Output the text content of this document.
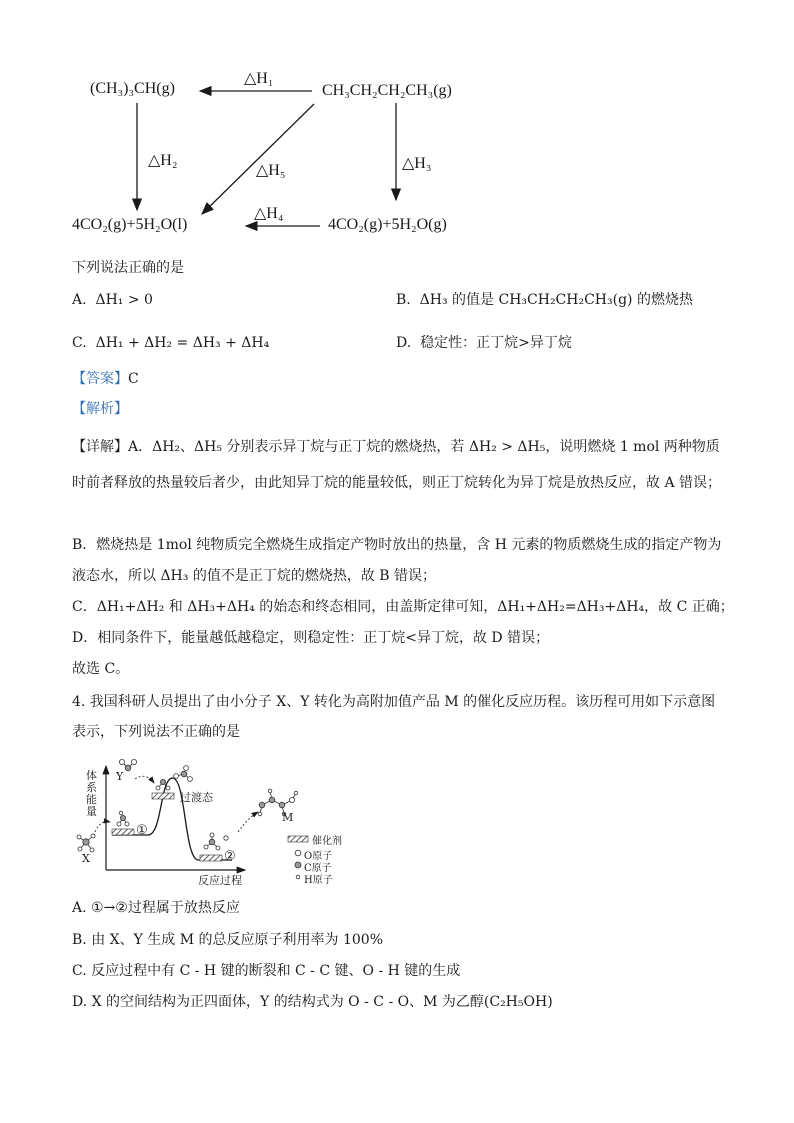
(CH₃)₃CH(g)	CH₃CH₂CH₂CH₃(g)
4CO₂(g)+5H₂O(l)	4CO₂(g)+5H₂O(g)
△H₁
△H₂	△H₃
△H₄
△H₅
下列说法正确的是
A. ΔH₁ > 0	B. ΔH₃ 的值是 CH₃CH₂CH₂CH₃(g) 的燃烧热
C. ΔH₁ + ΔH₂ = ΔH₃ + ΔH₄	D. 稳定性：正丁烷>异丁烷
【答案】C
【解析】
【详解】A．ΔH₂、ΔH₅ 分别表示异丁烷与正丁烷的燃烧热，若 ΔH₂ > ΔH₅，说明燃烧 1 mol 两种物质
时前者释放的热量较后者少，由此知异丁烷的能量较低，则正丁烷转化为异丁烷是放热反应，故 A 错误；
B．燃烧热是 1mol 纯物质完全燃烧生成指定产物时放出的热量，含 H 元素的物质燃烧生成的指定产物为
液态水，所以 ΔH₃ 的值不是正丁烷的燃烧热，故 B 错误；
C．ΔH₁+ΔH₂ 和 ΔH₃+ΔH₄ 的始态和终态相同，由盖斯定律可知，ΔH₁+ΔH₂=ΔH₃+ΔH₄，故 C 正确；
D．相同条件下，能量越低越稳定，则稳定性：正丁烷<异丁烷，故 D 错误；
故选 C。
4. 我国科研人员提出了由小分子 X、Y 转化为高附加值产品 M 的催化反应历程。该历程可用如下示意图
表示，下列说法不正确的是
体
系
能
量
反应过程
过渡态
X
Y
M
①
②
催化剂
O原子
C原子
H原子
A. ①→②过程属于放热反应
B. 由 X、Y 生成 M 的总反应原子利用率为 100%
C. 反应过程中有 C - H 键的断裂和 C - C 键、O - H 键的生成
D. X 的空间结构为正四面体，Y 的结构式为 O - C - O、M 为乙醇(C₂H₅OH)
